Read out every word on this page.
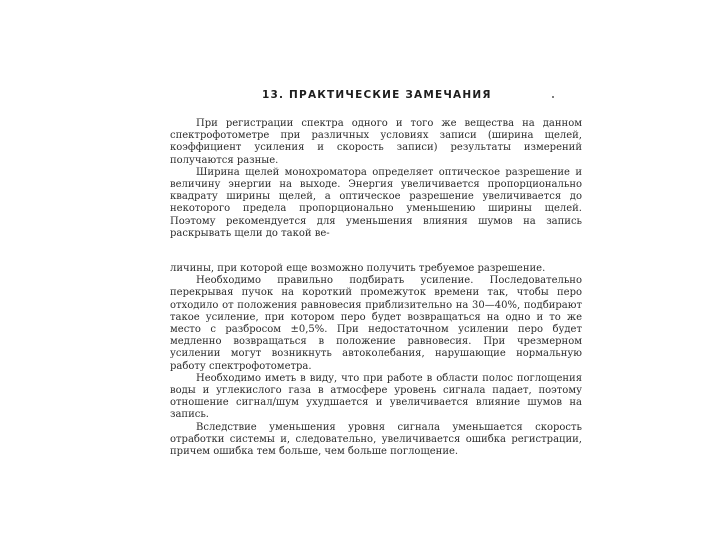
13. ПРАКТИЧЕСКИЕ ЗАМЕЧАНИЯ

При регистрации спектра одного и того же вещества на данном спектрофотометре при различных условиях записи (ширина щелей, коэффициент усиления и скорость записи) результаты измерений получаются разные.

Ширина щелей монохроматора определяет оптическое разрешение и величину энергии на выходе. Энергия увеличивается пропорционально квадрату ширины щелей, а оптическое разрешение увеличивается до некоторого предела пропорционально уменьшению ширины щелей. Поэтому рекомендуется для уменьшения влияния шумов на запись раскрывать щели до такой ве-

личины, при которой еще возможно получить требуемое разрешение.

Необходимо правильно подбирать усиление. Последовательно перекрывая пучок на короткий промежуток времени так, чтобы перо отходило от положения равновесия приблизительно на 30—40%, подбирают такое усиление, при котором перо будет возвращаться на одно и то же место с разбросом ±0,5%. При недостаточном усилении перо будет медленно возвращаться в положение равновесия. При чрезмерном усилении могут возникнуть автоколебания, нарушающие нормальную работу спектрофотометра.

Необходимо иметь в виду, что при работе в области полос поглощения воды и углекислого газа в атмосфере уровень сигнала падает, поэтому отношение сигнал/шум ухудшается и увеличивается влияние шумов на запись.

Вследствие уменьшения уровня сигнала уменьшается скорость отработки системы и, следовательно, увеличивается ошибка регистрации, причем ошибка тем больше, чем больше поглощение.
